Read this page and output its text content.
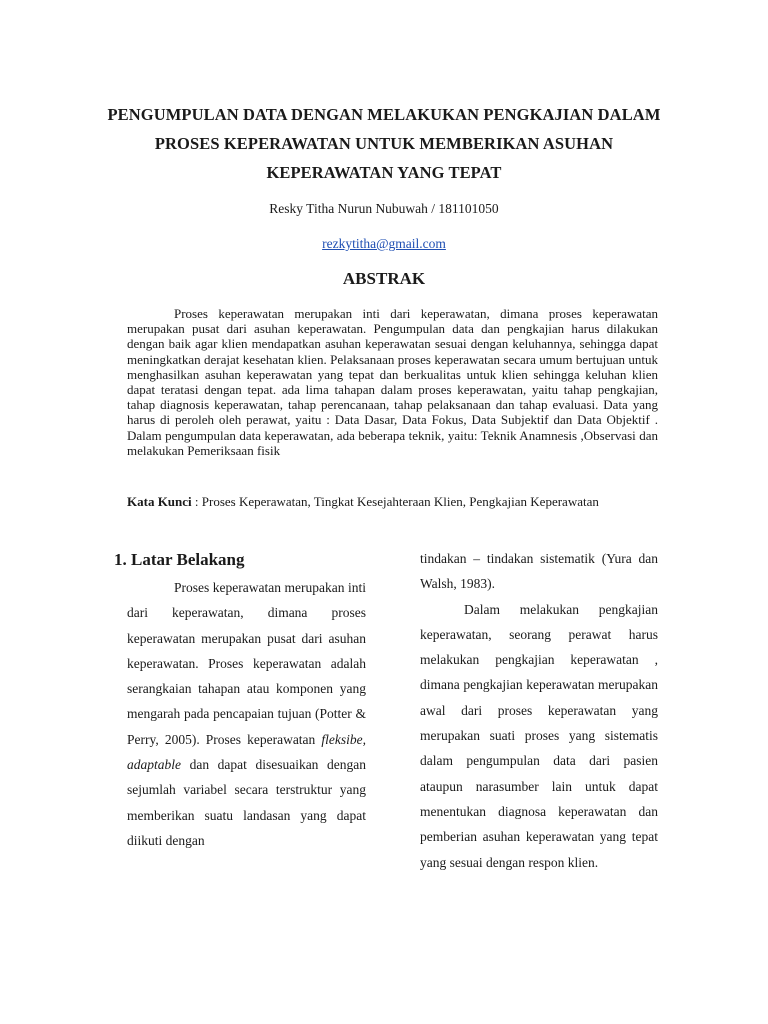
PENGUMPULAN DATA DENGAN MELAKUKAN PENGKAJIAN DALAM PROSES KEPERAWATAN UNTUK MEMBERIKAN ASUHAN KEPERAWATAN YANG TEPAT
Resky Titha Nurun Nubuwah / 181101050
rezkytitha@gmail.com
ABSTRAK

Proses keperawatan merupakan inti dari keperawatan, dimana proses keperawatan merupakan pusat dari asuhan keperawatan. Pengumpulan data dan pengkajian harus dilakukan dengan baik agar klien mendapatkan asuhan keperawatan sesuai dengan keluhannya, sehingga dapat meningkatkan derajat kesehatan klien. Pelaksanaan proses keperawatan secara umum bertujuan untuk menghasilkan asuhan keperawatan yang tepat dan berkualitas untuk klien sehingga keluhan klien dapat teratasi dengan tepat. ada lima tahapan dalam proses keperawatan, yaitu tahap pengkajian, tahap diagnosis keperawatan, tahap perencanaan, tahap pelaksanaan dan tahap evaluasi. Data yang harus di peroleh oleh perawat, yaitu : Data Dasar, Data Fokus, Data Subjektif dan Data Objektif . Dalam pengumpulan data keperawatan, ada beberapa teknik, yaitu: Teknik Anamnesis ,Observasi dan melakukan Pemeriksaan fisik

Kata Kunci : Proses Keperawatan, Tingkat Kesejahteraan Klien, Pengkajian Keperawatan

1. Latar Belakang

Proses keperawatan merupakan inti dari keperawatan, dimana proses keperawatan merupakan pusat dari asuhan keperawatan. Proses keperawatan adalah serangkaian tahapan atau komponen yang mengarah pada pencapaian tujuan (Potter & Perry, 2005). Proses keperawatan fleksibe, adaptable dan dapat disesuaikan dengan sejumlah variabel secara terstruktur yang memberikan suatu landasan yang dapat diikuti dengan

tindakan – tindakan sistematik (Yura dan Walsh, 1983).
Dalam melakukan pengkajian keperawatan, seorang perawat harus melakukan pengkajian keperawatan , dimana pengkajian keperawatan merupakan awal dari proses keperawatan yang merupakan suati proses yang sistematis dalam pengumpulan data dari pasien ataupun narasumber lain untuk dapat menentukan diagnosa keperawatan dan pemberian asuhan keperawatan yang tepat yang sesuai dengan respon klien.
